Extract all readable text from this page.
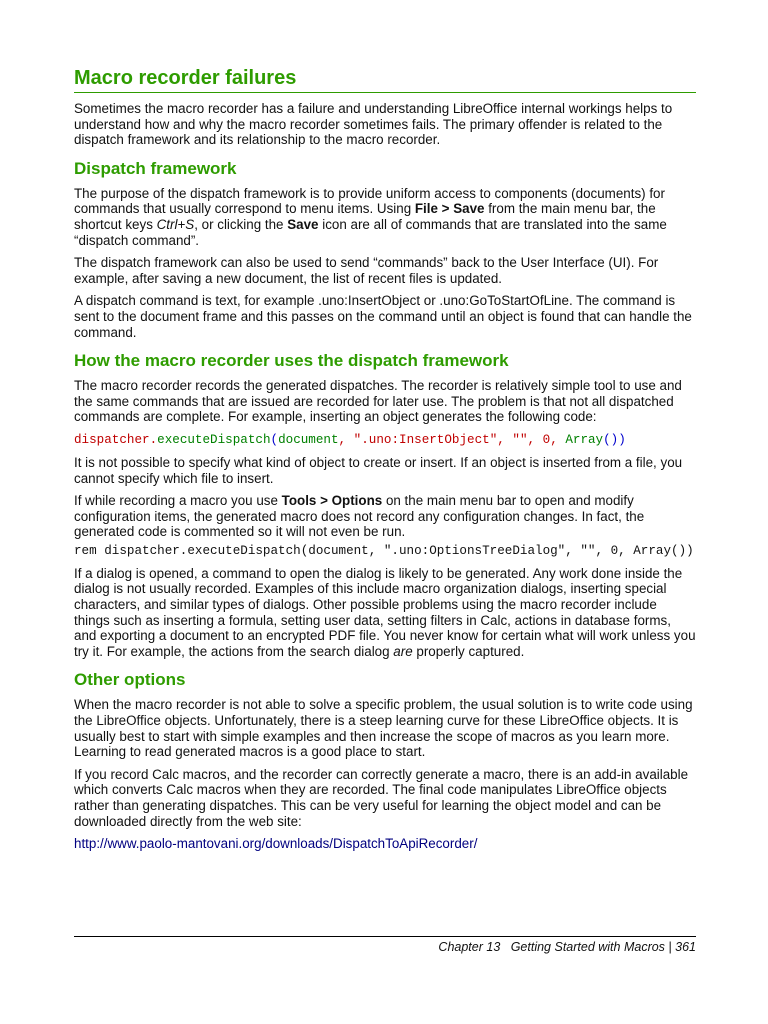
Macro recorder failures

Sometimes the macro recorder has a failure and understanding LibreOffice internal workings helps to understand how and why the macro recorder sometimes fails. The primary offender is related to the dispatch framework and its relationship to the macro recorder.

Dispatch framework

The purpose of the dispatch framework is to provide uniform access to components (documents) for commands that usually correspond to menu items. Using File > Save from the main menu bar, the shortcut keys Ctrl+S, or clicking the Save icon are all of commands that are translated into the same “dispatch command”.

The dispatch framework can also be used to send “commands” back to the User Interface (UI). For example, after saving a new document, the list of recent files is updated.

A dispatch command is text, for example .uno:InsertObject or .uno:GoToStartOfLine. The command is sent to the document frame and this passes on the command until an object is found that can handle the command.

How the macro recorder uses the dispatch framework

The macro recorder records the generated dispatches. The recorder is relatively simple tool to use and the same commands that are issued are recorded for later use. The problem is that not all dispatched commands are complete. For example, inserting an object generates the following code:

dispatcher.executeDispatch(document, ".uno:InsertObject", "", 0, Array())

It is not possible to specify what kind of object to create or insert. If an object is inserted from a file, you cannot specify which file to insert.

If while recording a macro you use Tools > Options on the main menu bar to open and modify configuration items, the generated macro does not record any configuration changes. In fact, the generated code is commented so it will not even be run.

rem dispatcher.executeDispatch(document, ".uno:OptionsTreeDialog", "", 0, Array())

If a dialog is opened, a command to open the dialog is likely to be generated. Any work done inside the dialog is not usually recorded. Examples of this include macro organization dialogs, inserting special characters, and similar types of dialogs. Other possible problems using the macro recorder include things such as inserting a formula, setting user data, setting filters in Calc, actions in database forms, and exporting a document to an encrypted PDF file. You never know for certain what will work unless you try it. For example, the actions from the search dialog are properly captured.

Other options

When the macro recorder is not able to solve a specific problem, the usual solution is to write code using the LibreOffice objects. Unfortunately, there is a steep learning curve for these LibreOffice objects. It is usually best to start with simple examples and then increase the scope of macros as you learn more. Learning to read generated macros is a good place to start.

If you record Calc macros, and the recorder can correctly generate a macro, there is an add-in available which converts Calc macros when they are recorded. The final code manipulates LibreOffice objects rather than generating dispatches. This can be very useful for learning the object model and can be downloaded directly from the web site:

http://www.paolo-mantovani.org/downloads/DispatchToApiRecorder/

Chapter 13 Getting Started with Macros | 361
